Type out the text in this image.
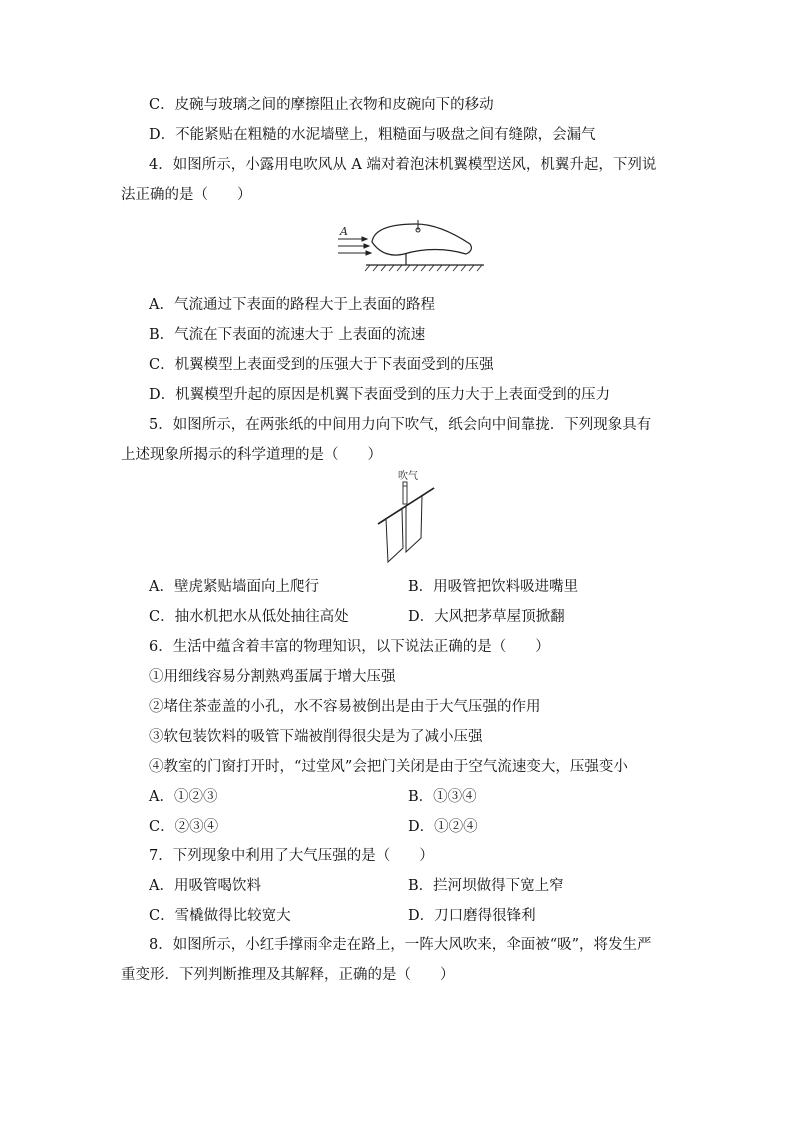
C．皮碗与玻璃之间的摩擦阻止衣物和皮碗向下的移动
D．不能紧贴在粗糙的水泥墙壁上，粗糙面与吸盘之间有缝隙，会漏气
4．如图所示，小露用电吹风从 A 端对着泡沫机翼模型送风，机翼升起，下列说
法正确的是（　　）
A
A．气流通过下表面的路程大于上表面的路程
B．气流在下表面的流速大于 上表面的流速
C．机翼模型上表面受到的压强大于下表面受到的压强
D．机翼模型升起的原因是机翼下表面受到的压力大于上表面受到的压力
5．如图所示，在两张纸的中间用力向下吹气，纸会向中间靠拢．下列现象具有
上述现象所揭示的科学道理的是（　　）
吹气
A．壁虎紧贴墙面向上爬行	B．用吸管把饮料吸进嘴里
C．抽水机把水从低处抽往高处	D．大风把茅草屋顶掀翻
6．生活中蕴含着丰富的物理知识，以下说法正确的是（　　）
①用细线容易分割熟鸡蛋属于增大压强
②堵住茶壶盖的小孔，水不容易被倒出是由于大气压强的作用
③软包装饮料的吸管下端被削得很尖是为了减小压强
④教室的门窗打开时，“过堂风”会把门关闭是由于空气流速变大，压强变小
A．①②③	B．①③④
C．②③④	D．①②④
7．下列现象中利用了大气压强的是（　　）
A．用吸管喝饮料	B．拦河坝做得下宽上窄
C．雪橇做得比较宽大	D．刀口磨得很锋利
8．如图所示，小红手撑雨伞走在路上，一阵大风吹来，伞面被“吸”，将发生严
重变形．下列判断推理及其解释，正确的是（　　）
